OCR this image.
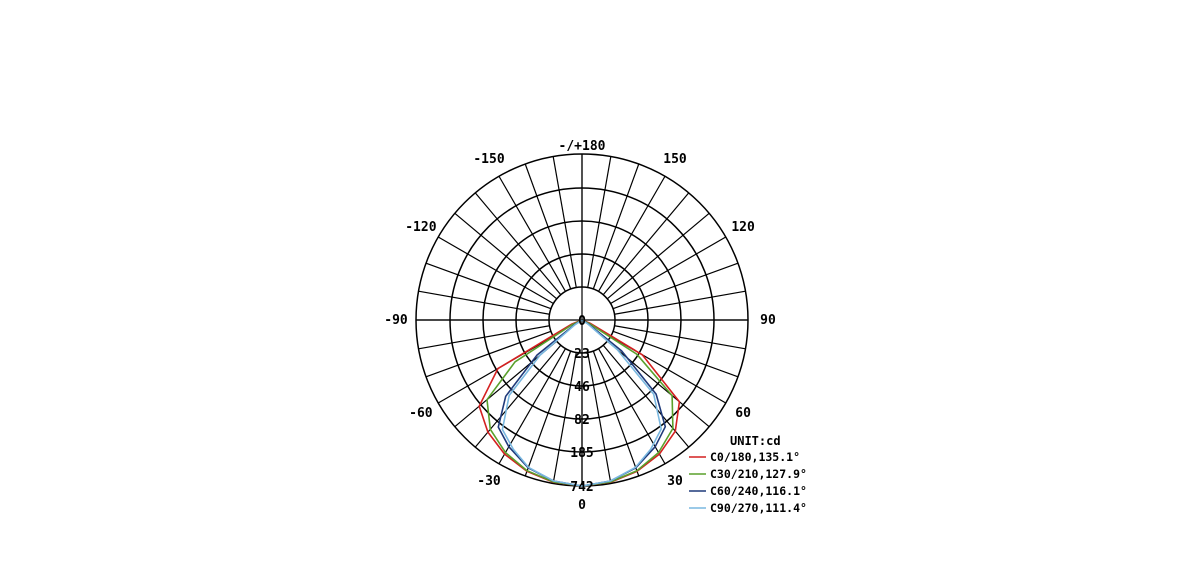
-/+180
150
-150
120
-120
90
-90
60
-60
30
-30
0
0
23
46
82
185
742
UNIT:cd
C0/180,135.1°
C30/210,127.9°
C60/240,116.1°
C90/270,111.4°
